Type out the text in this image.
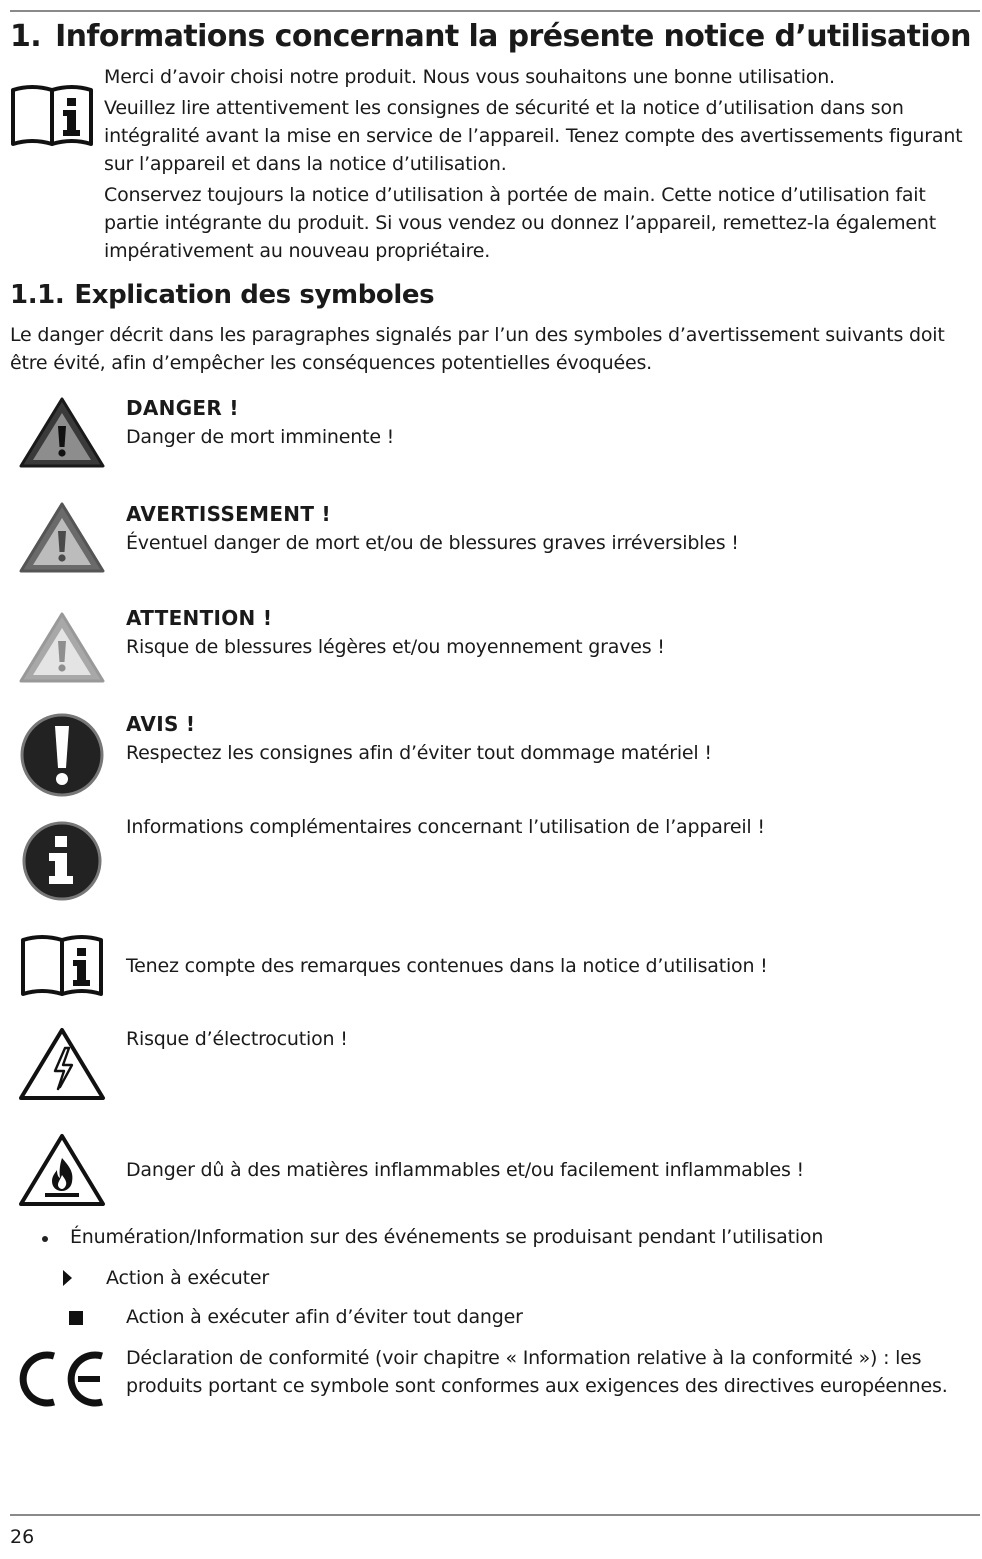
1. Informations concernant la présente notice d’utilisation

Merci d’avoir choisi notre produit. Nous vous souhaitons une bonne utilisation.

Veuillez lire attentivement les consignes de sécurité et la notice d’utilisation dans son intégralité avant la mise en service de l’appareil. Tenez compte des avertissements figurant sur l’appareil et dans la notice d’utilisation.

Conservez toujours la notice d’utilisation à portée de main. Cette notice d’utilisation fait partie intégrante du produit. Si vous vendez ou donnez l’appareil, remettez-la également impérativement au nouveau propriétaire.

1.1. Explication des symboles

Le danger décrit dans les paragraphes signalés par l’un des symboles d’avertissement suivants doit être évité, afin d’empêcher les conséquences potentielles évoquées.

DANGER !
Danger de mort imminente !
AVERTISSEMENT !
Éventuel danger de mort et/ou de blessures graves irréversibles !
ATTENTION !
Risque de blessures légères et/ou moyennement graves !
AVIS !
Respectez les consignes afin d’éviter tout dommage matériel !
Informations complémentaires concernant l’utilisation de l’appareil !
Tenez compte des remarques contenues dans la notice d’utilisation !
Risque d’électrocution !
Danger dû à des matières inflammables et/ou facilement inflammables !
Énumération/Information sur des événements se produisant pendant l’utilisation
Action à exécuter
Action à exécuter afin d’éviter tout danger
Déclaration de conformité (voir chapitre « Information relative à la conformité ») : les produits portant ce symbole sont conformes aux exigences des directives européennes.
26
